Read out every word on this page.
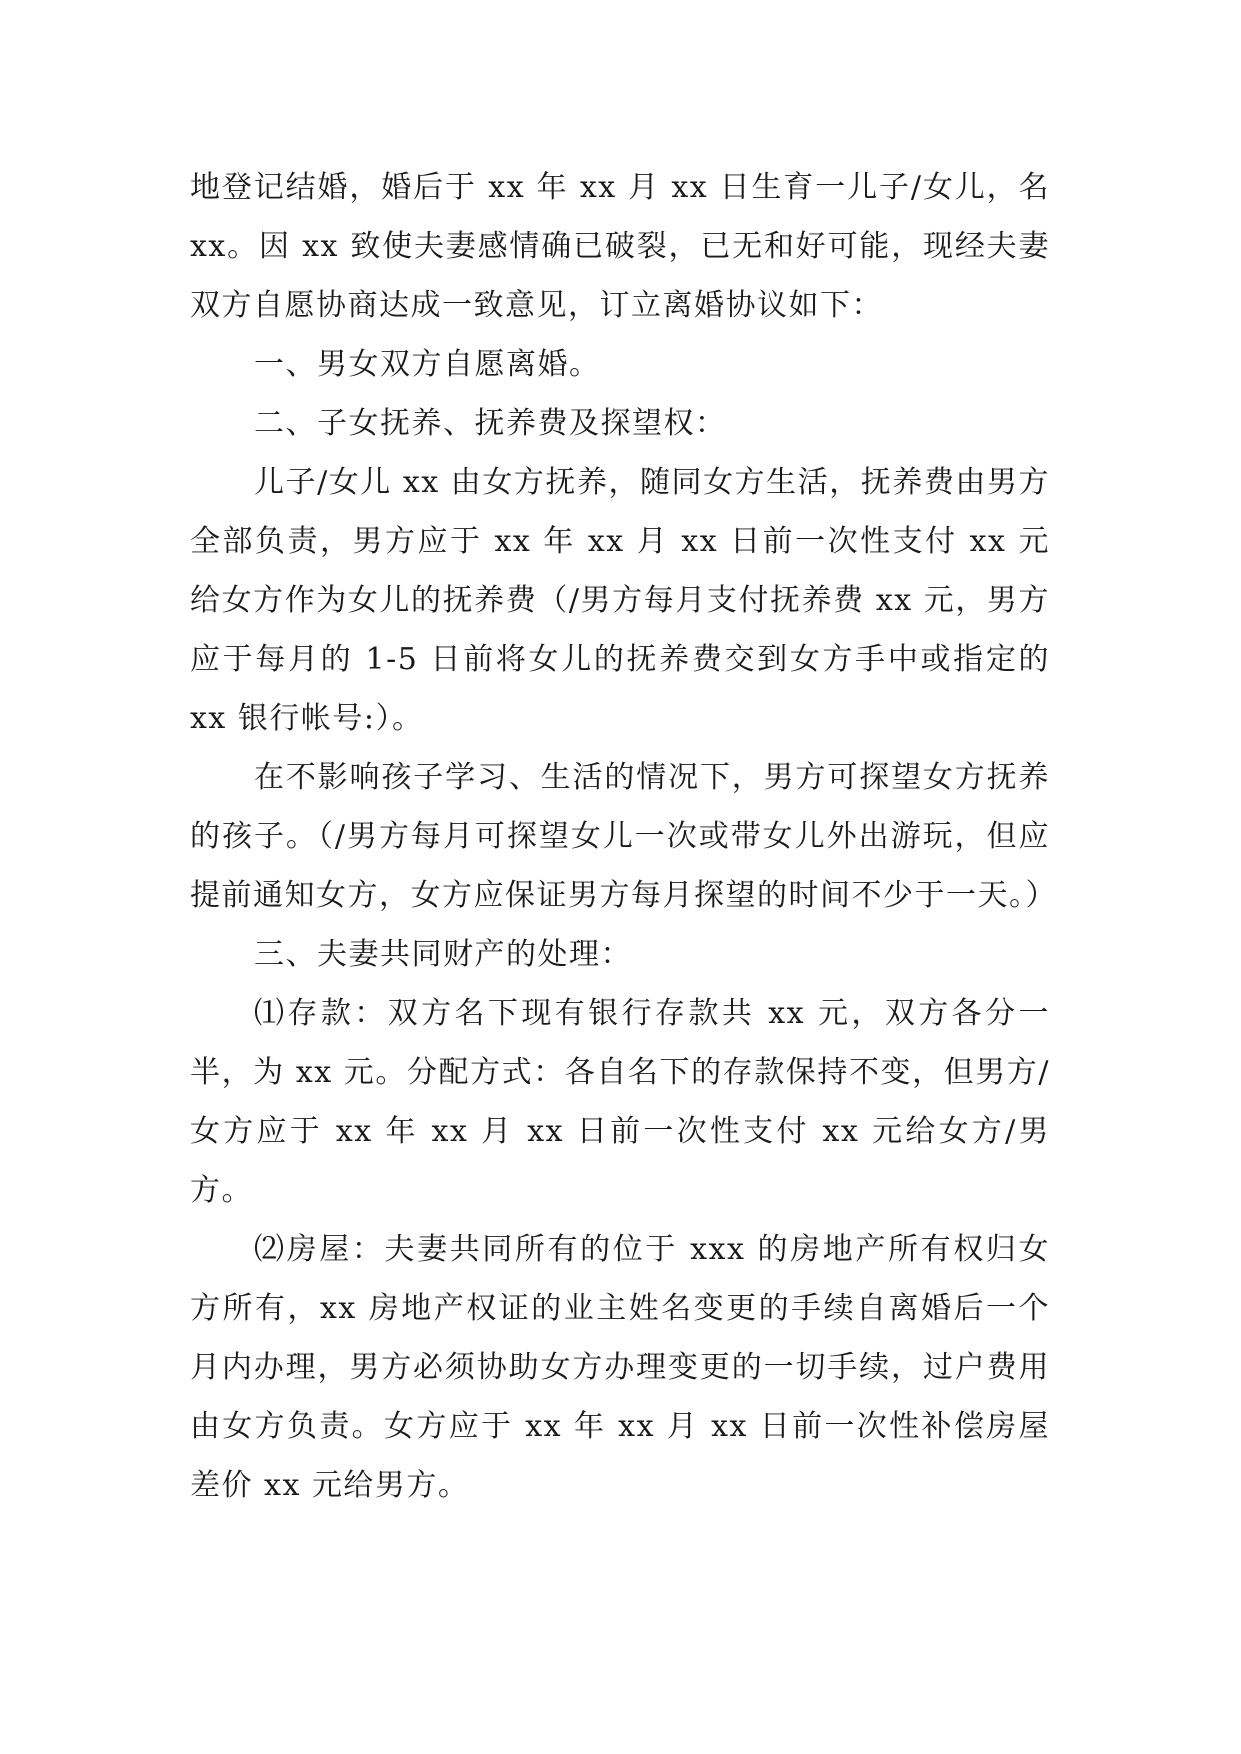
地登记结婚，婚后于 xx 年 xx 月 xx 日生育一儿子/女儿，名 xx。因 xx 致使夫妻感情确已破裂，已无和好可能，现经夫妻双方自愿协商达成一致意见，订立离婚协议如下：

一、男女双方自愿离婚。

二、子女抚养、抚养费及探望权：

儿子/女儿 xx 由女方抚养，随同女方生活，抚养费由男方全部负责，男方应于 xx 年 xx 月 xx 日前一次性支付 xx 元给女方作为女儿的抚养费（/男方每月支付抚养费 xx 元，男方应于每月的 1-5 日前将女儿的抚养费交到女方手中或指定的 xx 银行帐号:）。

在不影响孩子学习、生活的情况下，男方可探望女方抚养的孩子。（/男方每月可探望女儿一次或带女儿外出游玩，但应提前通知女方，女方应保证男方每月探望的时间不少于一天。）

三、夫妻共同财产的处理：

⑴存款：双方名下现有银行存款共 xx 元，双方各分一半，为 xx 元。分配方式：各自名下的存款保持不变，但男方/女方应于 xx 年 xx 月 xx 日前一次性支付 xx 元给女方/男方。

⑵房屋：夫妻共同所有的位于 xxx 的房地产所有权归女方所有，xx 房地产权证的业主姓名变更的手续自离婚后一个月内办理，男方必须协助女方办理变更的一切手续，过户费用由女方负责。女方应于 xx 年 xx 月 xx 日前一次性补偿房屋差价 xx 元给男方。
